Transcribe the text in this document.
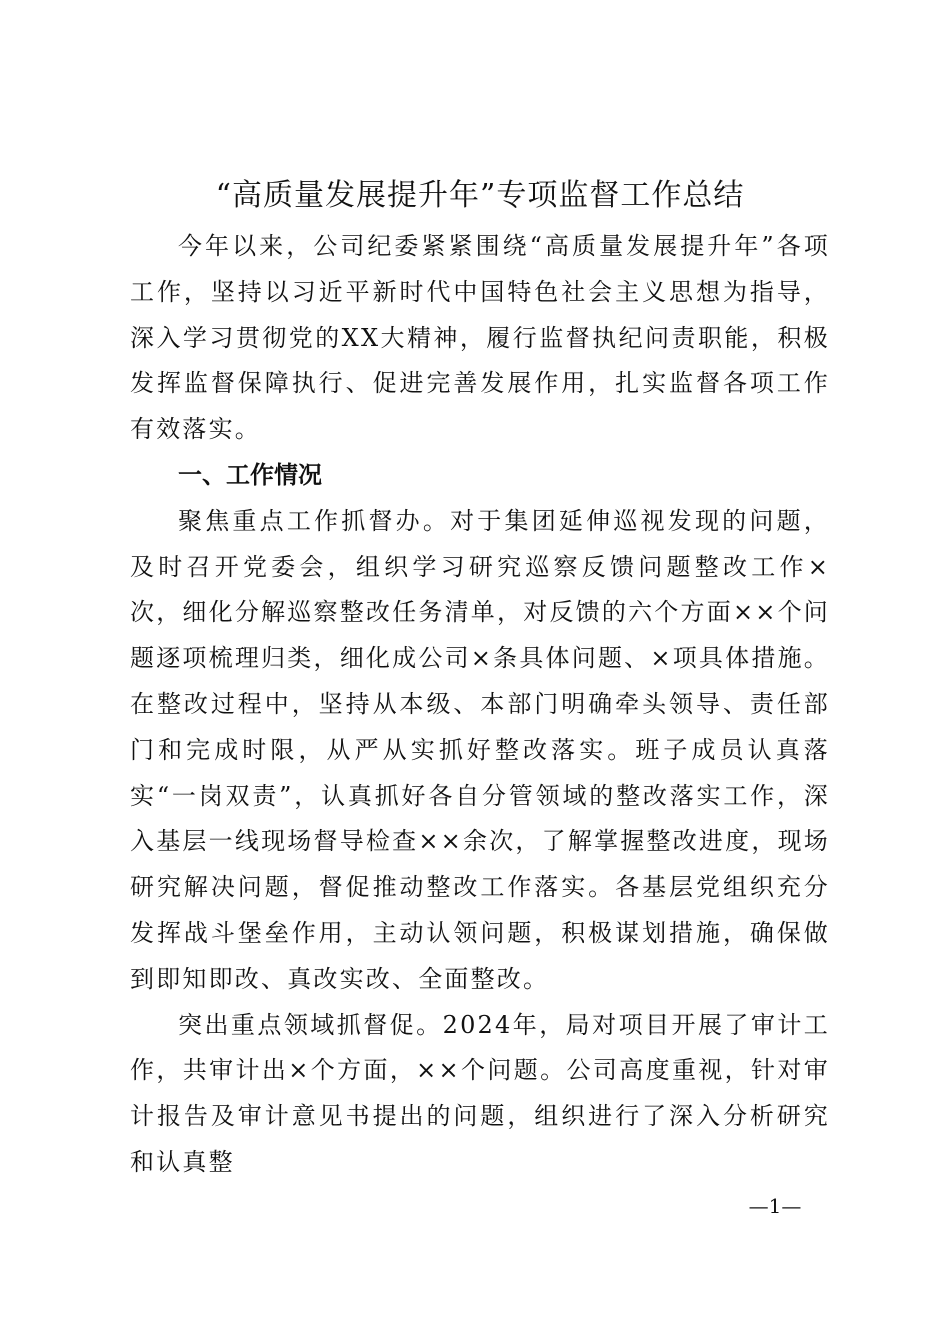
“高质量发展提升年”专项监督工作总结

今年以来，公司纪委紧紧围绕“高质量发展提升年”各项工作，坚持以习近平新时代中国特色社会主义思想为指导，深入学习贯彻党的XX大精神，履行监督执纪问责职能，积极发挥监督保障执行、促进完善发展作用，扎实监督各项工作有效落实。

一、工作情况

聚焦重点工作抓督办。对于集团延伸巡视发现的问题，及时召开党委会，组织学习研究巡察反馈问题整改工作×次，细化分解巡察整改任务清单，对反馈的六个方面××个问题逐项梳理归类，细化成公司×条具体问题、×项具体措施。在整改过程中，坚持从本级、本部门明确牵头领导、责任部门和完成时限，从严从实抓好整改落实。班子成员认真落实“一岗双责”，认真抓好各自分管领域的整改落实工作，深入基层一线现场督导检查××余次，了解掌握整改进度，现场研究解决问题，督促推动整改工作落实。各基层党组织充分发挥战斗堡垒作用，主动认领问题，积极谋划措施，确保做到即知即改、真改实改、全面整改。

突出重点领域抓督促。2024年，局对项目开展了审计工作，共审计出×个方面，××个问题。公司高度重视，针对审计报告及审计意见书提出的问题，组织进行了深入分析研究和认真整

—1—
